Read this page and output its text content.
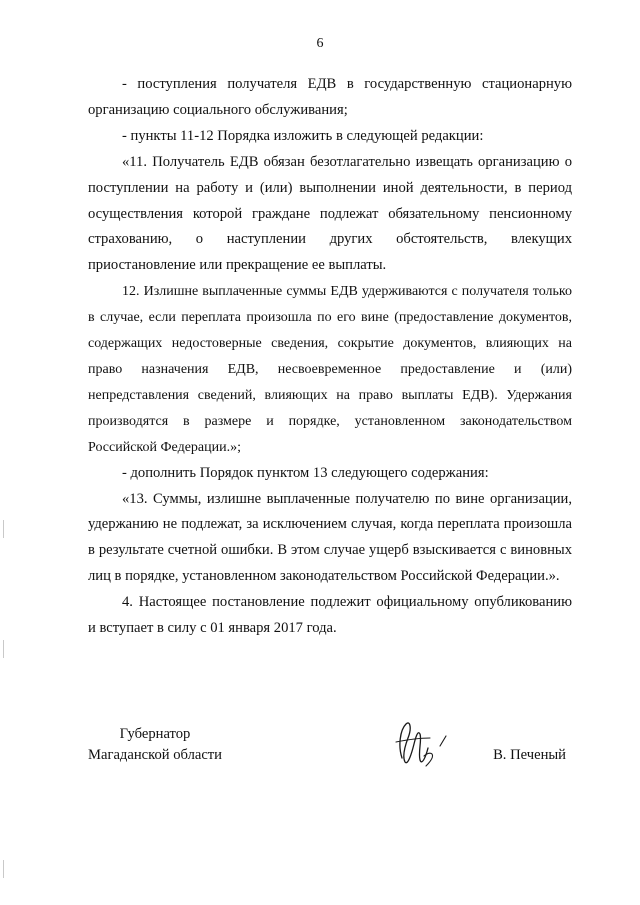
6

- поступления получателя ЕДВ в государственную стационарную организацию социального обслуживания;

- пункты 11-12 Порядка изложить в следующей редакции:

«11. Получатель ЕДВ обязан безотлагательно извещать организацию о поступлении на работу и (или) выполнении иной деятельности, в период осуществления которой граждане подлежат обязательному пенсионному страхованию, о наступлении других обстоятельств, влекущих приостановление или прекращение ее выплаты.

12. Излишне выплаченные суммы ЕДВ удерживаются с получателя только в случае, если переплата произошла по его вине (предоставление документов, содержащих недостоверные сведения, сокрытие документов, влияющих на право назначения ЕДВ, несвоевременное предоставление и (или) непредставления сведений, влияющих на право выплаты ЕДВ). Удержания производятся в размере и порядке, установленном законодательством Российской Федерации.»;

- дополнить Порядок пунктом 13 следующего содержания:

«13. Суммы, излишне выплаченные получателю по вине организации, удержанию не подлежат, за исключением случая, когда переплата произошла в результате счетной ошибки. В этом случае ущерб взыскивается с виновных лиц в порядке, установленном законодательством Российской Федерации.».

4. Настоящее постановление подлежит официальному опубликованию и вступает в силу с 01 января 2017 года.

Губернатор
Магаданской области	В. Печеный
